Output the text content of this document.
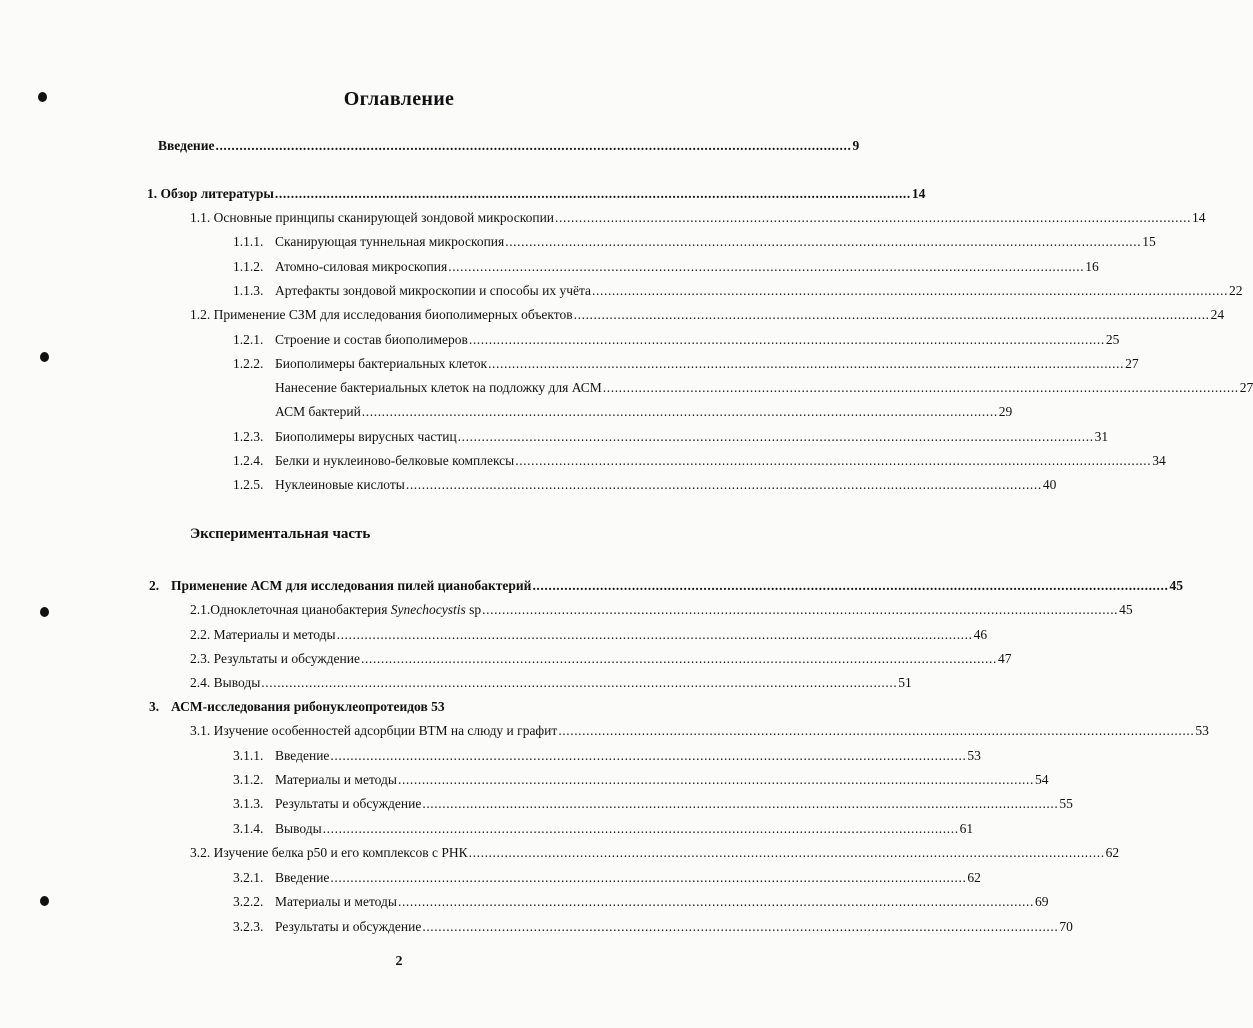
Оглавление
Введение ................................................................................................................................................................ 9
1.
Обзор литературы ................................................................................................................................................................ 14
1.1.
Основные принципы сканирующей зондовой микроскопии ................................................................................................................................................................ 14
1.1.1. Сканирующая туннельная микроскопия ................................................................................................................................................................ 15
1.1.2. Атомно-силовая микроскопия ................................................................................................................................................................ 16
1.1.3. Артефакты зондовой микроскопии и способы их учёта ................................................................................................................................................................ 22
1.2.
Применение СЗМ для исследования биополимерных объектов ................................................................................................................................................................ 24
1.2.1. Строение и состав биополимеров ................................................................................................................................................................ 25
1.2.2. Биополимеры бактериальных клеток ................................................................................................................................................................ 27
Нанесение бактериальных клеток на подложку для АСМ ................................................................................................................................................................ 27
АСМ бактерий ................................................................................................................................................................ 29
1.2.3. Биополимеры вирусных частиц ................................................................................................................................................................ 31
1.2.4. Белки и нуклеиново-белковые комплексы ................................................................................................................................................................ 34
1.2.5. Нуклеиновые кислоты ................................................................................................................................................................ 40
Экспериментальная часть
2. Применение АСМ для исследования пилей цианобактерий ................................................................................................................................................................ 45
2.1. Одноклеточная цианобактерия Synechocystis sp ................................................................................................................................................................ 45
2.2.
Материалы и методы ................................................................................................................................................................ 46
2.3.
Результаты и обсуждение ................................................................................................................................................................ 47
2.4.
Выводы ................................................................................................................................................................ 51
3. АСМ-исследования рибонуклеопротеидов 53
3.1.
Изучение особенностей адсорбции ВТМ на слюду и графит ................................................................................................................................................................ 53
3.1.1. Введение ................................................................................................................................................................ 53
3.1.2. Материалы и методы ................................................................................................................................................................ 54
3.1.3. Результаты и обсуждение ................................................................................................................................................................ 55
3.1.4. Выводы ................................................................................................................................................................ 61
3.2.
Изучение белка р50 и его комплексов с РНК ................................................................................................................................................................ 62
3.2.1. Введение ................................................................................................................................................................ 62
3.2.2. Материалы и методы ................................................................................................................................................................ 69
3.2.3. Результаты и обсуждение ................................................................................................................................................................ 70
2
